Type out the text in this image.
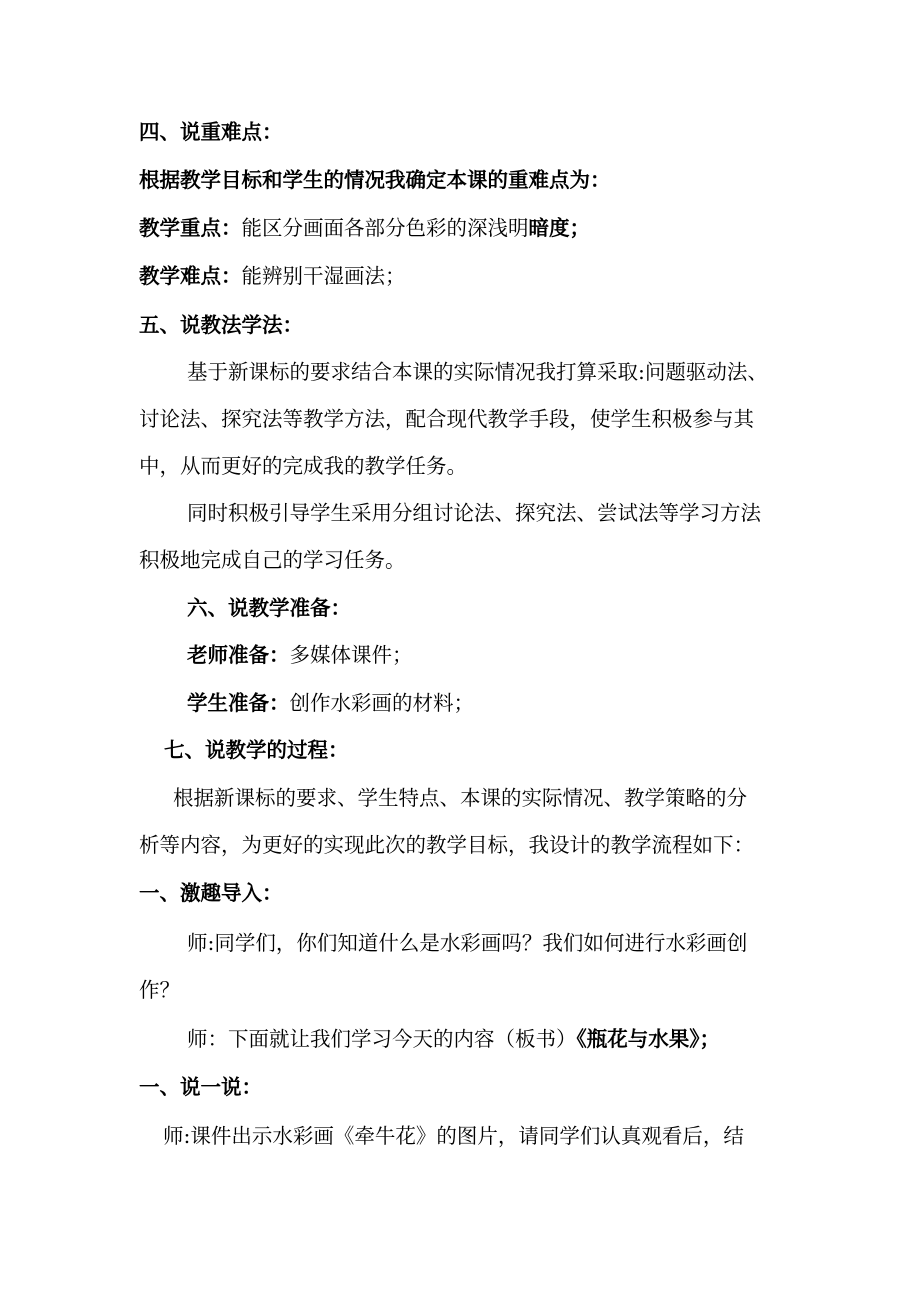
四、说重难点：

根据教学目标和学生的情况我确定本课的重难点为：

教学重点：能区分画面各部分色彩的深浅明暗度；

教学难点：能辨别干湿画法；

五、说教法学法：

基于新课标的要求结合本课的实际情况我打算采取:问题驱动法、

讨论法、探究法等教学方法，配合现代教学手段，使学生积极参与其

中，从而更好的完成我的教学任务。

同时积极引导学生采用分组讨论法、探究法、尝试法等学习方法

积极地完成自己的学习任务。

六、说教学准备：

老师准备：多媒体课件；

学生准备：创作水彩画的材料；

七、说教学的过程：

根据新课标的要求、学生特点、本课的实际情况、教学策略的分

析等内容，为更好的实现此次的教学目标，我设计的教学流程如下：

一、激趣导入：

师:同学们，你们知道什么是水彩画吗？我们如何进行水彩画创

作？

师：下面就让我们学习今天的内容（板书）《瓶花与水果》；

一、说一说：

师:课件出示水彩画《牵牛花》的图片，请同学们认真观看后，结
